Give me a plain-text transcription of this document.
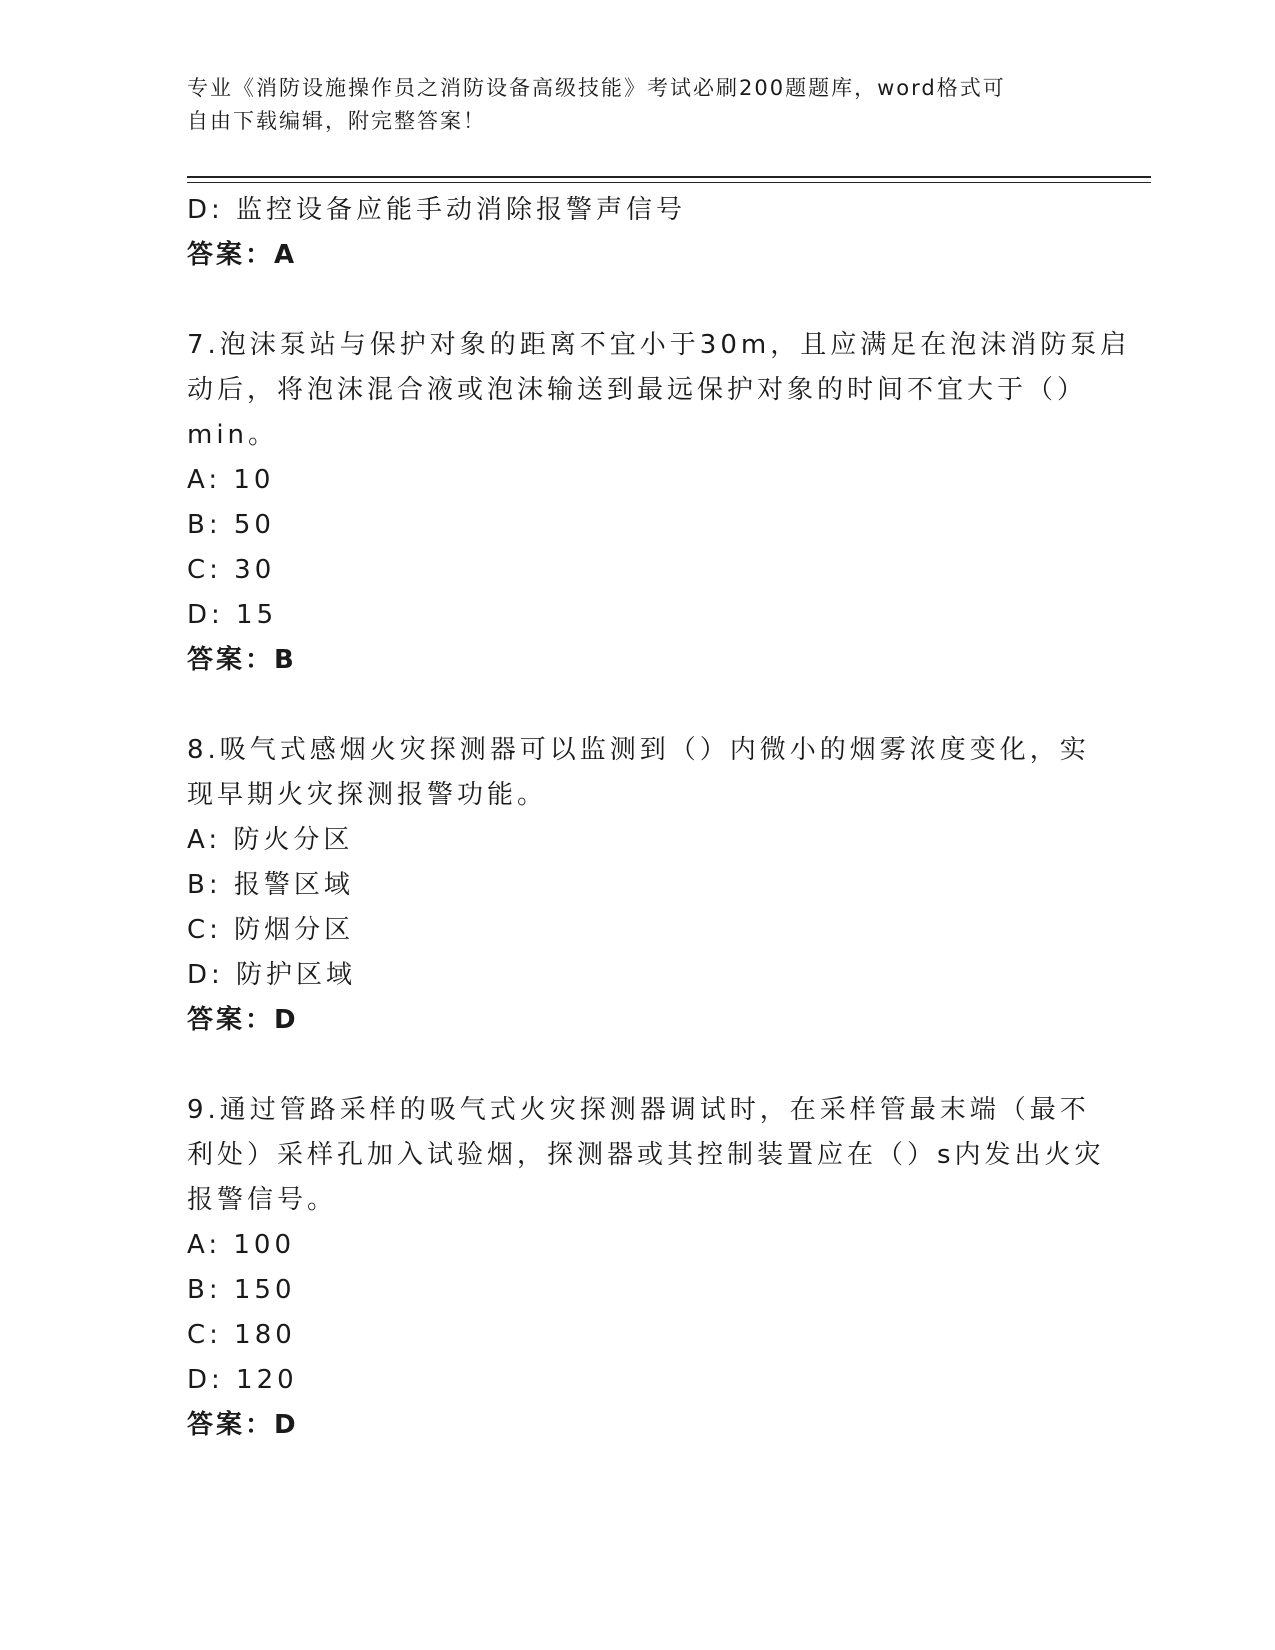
专业《消防设施操作员之消防设备高级技能》考试必刷200题题库，word格式可
自由下载编辑，附完整答案！
D: 监控设备应能手动消除报警声信号
答案：A
7.泡沫泵站与保护对象的距离不宜小于30m，且应满足在泡沫消防泵启
动后，将泡沫混合液或泡沫输送到最远保护对象的时间不宜大于（）
min。
A: 10
B: 50
C: 30
D: 15
答案：B
8.吸气式感烟火灾探测器可以监测到（）内微小的烟雾浓度变化，实
现早期火灾探测报警功能。
A: 防火分区
B: 报警区域
C: 防烟分区
D: 防护区域
答案：D
9.通过管路采样的吸气式火灾探测器调试时，在采样管最末端（最不
利处）采样孔加入试验烟，探测器或其控制装置应在（）s内发出火灾
报警信号。
A: 100
B: 150
C: 180
D: 120
答案：D
